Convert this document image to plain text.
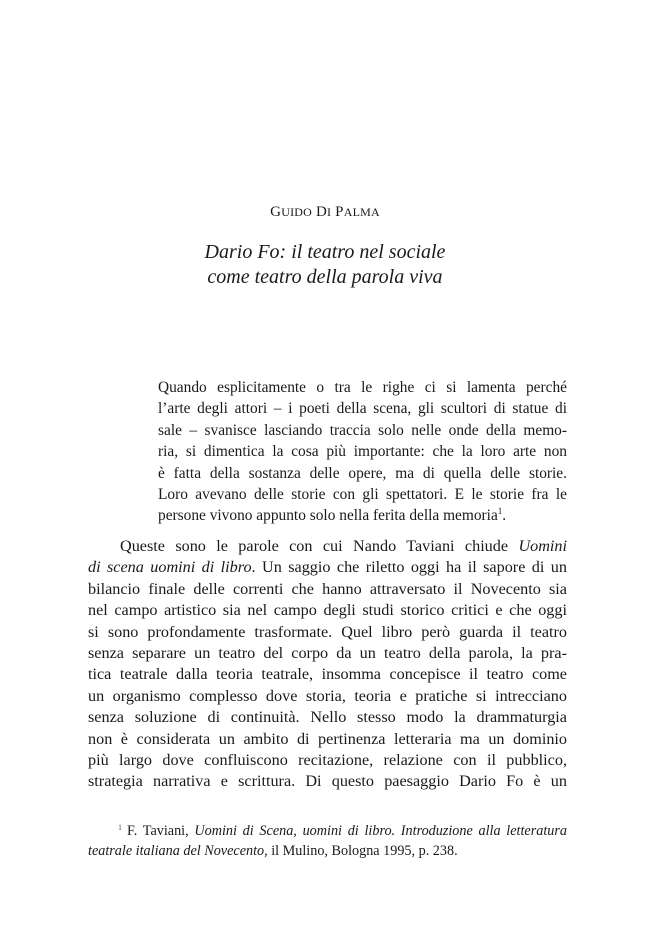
GUIDO DI PALMA
Dario Fo: il teatro nel sociale
come teatro della parola viva
Quando esplicitamente o tra le righe ci si lamenta perché
l’arte degli attori – i poeti della scena, gli scultori di statue di
sale – svanisce lasciando traccia solo nelle onde della memo-
ria, si dimentica la cosa più importante: che la loro arte non
è fatta della sostanza delle opere, ma di quella delle storie.
Loro avevano delle storie con gli spettatori. E le storie fra le
persone vivono appunto solo nella ferita della memoria$^1$.
Queste sono le parole con cui Nando Taviani chiude Uomini
di scena uomini di libro. Un saggio che riletto oggi ha il sapore di un
bilancio finale delle correnti che hanno attraversato il Novecento sia
nel campo artistico sia nel campo degli studi storico critici e che oggi
si sono profondamente trasformate. Quel libro però guarda il teatro
senza separare un teatro del corpo da un teatro della parola, la pra-
tica teatrale dalla teoria teatrale, insomma concepisce il teatro come
un organismo complesso dove storia, teoria e pratiche si intrecciano
senza soluzione di continuità. Nello stesso modo la drammaturgia
non è considerata un ambito di pertinenza letteraria ma un dominio
più largo dove confluiscono recitazione, relazione con il pubblico,
strategia narrativa e scrittura. Di questo paesaggio Dario Fo è un
$^1$ F. Taviani, Uomini di Scena, uomini di libro. Introduzione alla letteratura
teatrale italiana del Novecento, il Mulino, Bologna 1995, p. 238.
